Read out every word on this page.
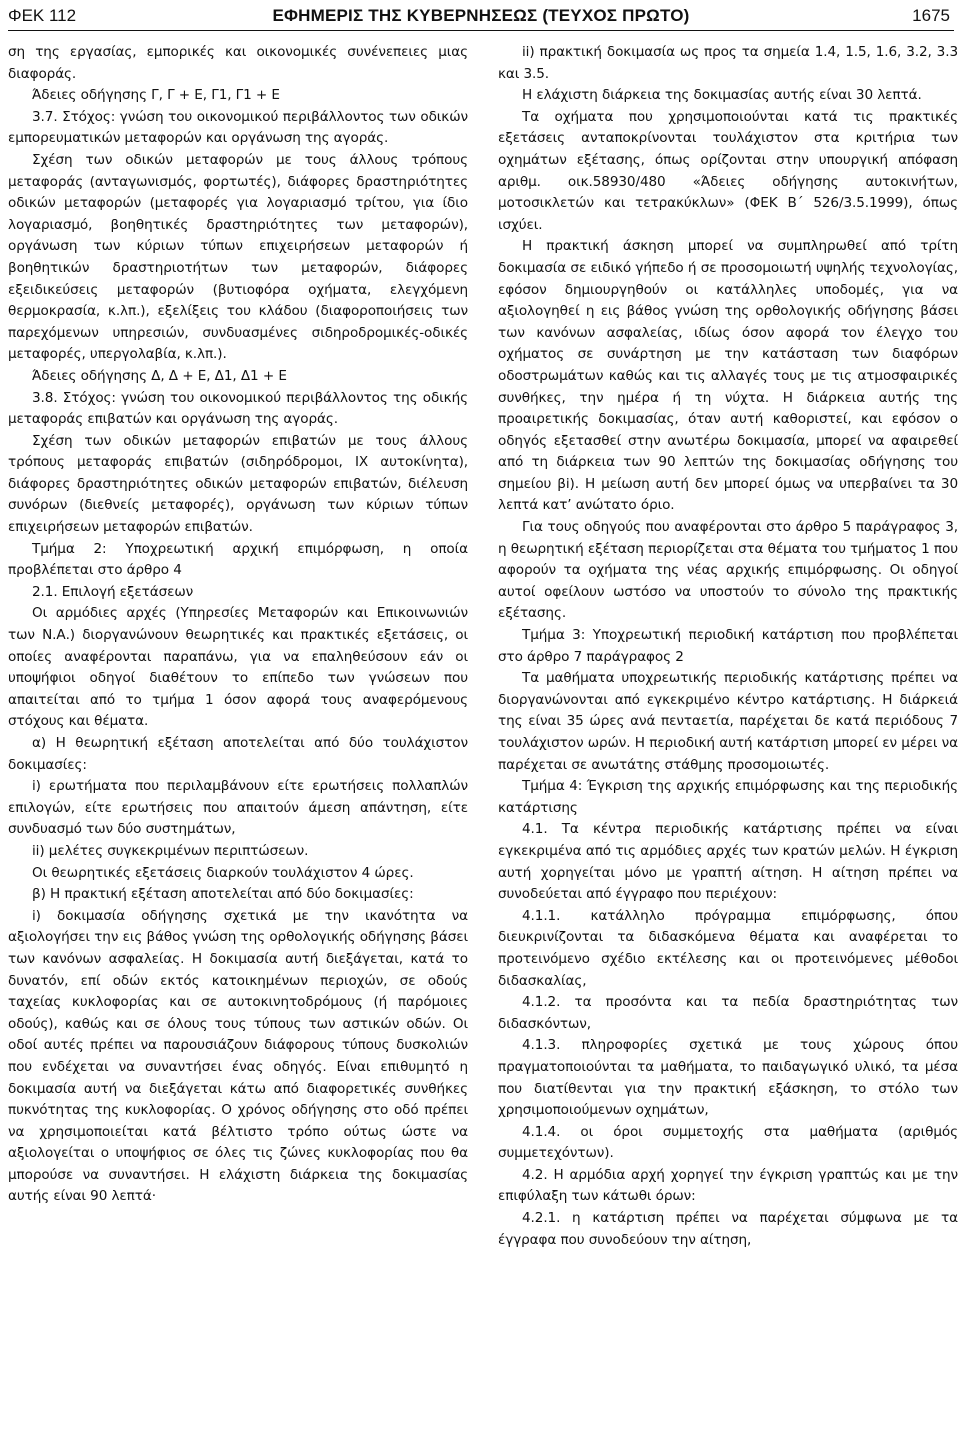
ΦΕΚ 112	ΕΦΗΜΕΡΙΣ ΤΗΣ ΚΥΒΕΡΝΗΣΕΩΣ (ΤΕΥΧΟΣ ΠΡΩΤΟ)	1675

ση της εργασίας, εμπορικές και οικονομικές συνένεπειες μιας διαφοράς.

Άδειες οδήγησης Γ, Γ + Ε, Γ1, Γ1 + Ε

3.7. Στόχος: γνώση του οικονομικού περιβάλλοντος των οδικών εμπορευματικών μεταφορών και οργάνωση της αγοράς.

Σχέση των οδικών μεταφορών με τους άλλους τρόπους μεταφοράς (ανταγωνισμός, φορτωτές), διάφορες δραστηριότητες οδικών μεταφορών (μεταφορές για λογαριασμό τρίτου, για ίδιο λογαριασμό, βοηθητικές δραστηριότητες των μεταφορών), οργάνωση των κύριων τύπων επιχειρήσεων μεταφορών ή βοηθητικών δραστηριοτήτων των μεταφορών, διάφορες εξειδικεύσεις μεταφορών (βυτιοφόρα οχήματα, ελεγχόμενη θερμοκρασία, κ.λπ.), εξελίξεις του κλάδου (διαφοροποιήσεις των παρεχόμενων υπηρεσιών, συνδυασμένες σιδηροδρομικές-οδικές μεταφορές, υπεργολαβία, κ.λπ.).

Άδειες οδήγησης Δ, Δ + Ε, Δ1, Δ1 + Ε

3.8. Στόχος: γνώση του οικονομικού περιβάλλοντος της οδικής μεταφοράς επιβατών και οργάνωση της αγοράς.

Σχέση των οδικών μεταφορών επιβατών με τους άλλους τρόπους μεταφοράς επιβατών (σιδηρόδρομοι, ΙΧ αυτοκίνητα), διάφορες δραστηριότητες οδικών μεταφορών επιβατών, διέλευση συνόρων (διεθνείς μεταφορές), οργάνωση των κύριων τύπων επιχειρήσεων μεταφορών επιβατών.

Τμήμα 2: Υποχρεωτική αρχική επιμόρφωση, η οποία προβλέπεται στο άρθρο 4

2.1. Επιλογή εξετάσεων

Οι αρμόδιες αρχές (Υπηρεσίες Μεταφορών και Επικοινωνιών των Ν.Α.) διοργανώνουν θεωρητικές και πρακτικές εξετάσεις, οι οποίες αναφέρονται παραπάνω, για να επαληθεύσουν εάν οι υποψήφιοι οδηγοί διαθέτουν το επίπεδο των γνώσεων που απαιτείται από το τμήμα 1 όσον αφορά τους αναφερόμενους στόχους και θέματα.

α) Η θεωρητική εξέταση αποτελείται από δύο τουλάχιστον δοκιμασίες:

i) ερωτήματα που περιλαμβάνουν είτε ερωτήσεις πολλαπλών επιλογών, είτε ερωτήσεις που απαιτούν άμεση απάντηση, είτε συνδυασμό των δύο συστημάτων,

ii) μελέτες συγκεκριμένων περιπτώσεων.

Οι θεωρητικές εξετάσεις διαρκούν τουλάχιστον 4 ώρες.

β) Η πρακτική εξέταση αποτελείται από δύο δοκιμασίες:

i) δοκιμασία οδήγησης σχετικά με την ικανότητα να αξιολογήσει την εις βάθος γνώση της ορθολογικής οδήγησης βάσει των κανόνων ασφαλείας. Η δοκιμασία αυτή διεξάγεται, κατά το δυνατόν, επί οδών εκτός κατοικημένων περιοχών, σε οδούς ταχείας κυκλοφορίας και σε αυτοκινητοδρόμους (ή παρόμοιες οδούς), καθώς και σε όλους τους τύπους των αστικών οδών. Οι οδοί αυτές πρέπει να παρουσιάζουν διάφορους τύπους δυσκολιών που ενδέχεται να συναντήσει ένας οδηγός. Είναι επιθυμητό η δοκιμασία αυτή να διεξάγεται κάτω από διαφορετικές συνθήκες πυκνότητας της κυκλοφορίας. Ο χρόνος οδήγησης στο οδό πρέπει να χρησιμοποιείται κατά βέλτιστο τρόπο ούτως ώστε να αξιολογείται ο υποψήφιος σε όλες τις ζώνες κυκλοφορίας που θα μπορούσε να συναντήσει. Η ελάχιστη διάρκεια της δοκιμασίας αυτής είναι 90 λεπτά·

ii) πρακτική δοκιμασία ως προς τα σημεία 1.4, 1.5, 1.6, 3.2, 3.3 και 3.5.

Η ελάχιστη διάρκεια της δοκιμασίας αυτής είναι 30 λεπτά.

Τα οχήματα που χρησιμοποιούνται κατά τις πρακτικές εξετάσεις ανταποκρίνονται τουλάχιστον στα κριτήρια των οχημάτων εξέτασης, όπως ορίζονται στην υπουργική απόφαση αριθμ. οικ.58930/480 «Άδειες οδήγησης αυτοκινήτων, μοτοσικλετών και τετρακύκλων» (ΦΕΚ Β΄ 526/3.5.1999), όπως ισχύει.

Η πρακτική άσκηση μπορεί να συμπληρωθεί από τρίτη δοκιμασία σε ειδικό γήπεδο ή σε προσομοιωτή υψηλής τεχνολογίας, εφόσον δημιουργηθούν οι κατάλληλες υποδομές, για να αξιολογηθεί η εις βάθος γνώση της ορθολογικής οδήγησης βάσει των κανόνων ασφαλείας, ιδίως όσον αφορά τον έλεγχο του οχήματος σε συνάρτηση με την κατάσταση των διαφόρων οδοστρωμάτων καθώς και τις αλλαγές τους με τις ατμοσφαιρικές συνθήκες, την ημέρα ή τη νύχτα. Η διάρκεια αυτής της προαιρετικής δοκιμασίας, όταν αυτή καθοριστεί, και εφόσον ο οδηγός εξετασθεί στην ανωτέρω δοκιμασία, μπορεί να αφαιρεθεί από τη διάρκεια των 90 λεπτών της δοκιμασίας οδήγησης του σημείου βi). Η μείωση αυτή δεν μπορεί όμως να υπερβαίνει τα 30 λεπτά κατ’ ανώτατο όριο.

Για τους οδηγούς που αναφέρονται στο άρθρο 5 παράγραφος 3, η θεωρητική εξέταση περιορίζεται στα θέματα του τμήματος 1 που αφορούν τα οχήματα της νέας αρχικής επιμόρφωσης. Οι οδηγοί αυτοί οφείλουν ωστόσο να υποστούν το σύνολο της πρακτικής εξέτασης.

Τμήμα 3: Υποχρεωτική περιοδική κατάρτιση που προβλέπεται στο άρθρο 7 παράγραφος 2

Τα μαθήματα υποχρεωτικής περιοδικής κατάρτισης πρέπει να διοργανώνονται από εγκεκριμένο κέντρο κατάρτισης. Η διάρκειά της είναι 35 ώρες ανά πενταετία, παρέχεται δε κατά περιόδους 7 τουλάχιστον ωρών. Η περιοδική αυτή κατάρτιση μπορεί εν μέρει να παρέχεται σε ανωτάτης στάθμης προσομοιωτές.

Τμήμα 4: Έγκριση της αρχικής επιμόρφωσης και της περιοδικής κατάρτισης

4.1. Τα κέντρα περιοδικής κατάρτισης πρέπει να είναι εγκεκριμένα από τις αρμόδιες αρχές των κρατών μελών. Η έγκριση αυτή χορηγείται μόνο με γραπτή αίτηση. Η αίτηση πρέπει να συνοδεύεται από έγγραφο που περιέχουν:

4.1.1. κατάλληλο πρόγραμμα επιμόρφωσης, όπου διευκρινίζονται τα διδασκόμενα θέματα και αναφέρεται το προτεινόμενο σχέδιο εκτέλεσης και οι προτεινόμενες μέθοδοι διδασκαλίας,

4.1.2. τα προσόντα και τα πεδία δραστηριότητας των διδασκόντων,

4.1.3. πληροφορίες σχετικά με τους χώρους όπου πραγματοποιούνται τα μαθήματα, το παιδαγωγικό υλικό, τα μέσα που διατίθενται για την πρακτική εξάσκηση, το στόλο των χρησιμοποιούμενων οχημάτων,

4.1.4. οι όροι συμμετοχής στα μαθήματα (αριθμός συμμετεχόντων).

4.2. Η αρμόδια αρχή χορηγεί την έγκριση γραπτώς και με την επιφύλαξη των κάτωθι όρων:

4.2.1. η κατάρτιση πρέπει να παρέχεται σύμφωνα με τα έγγραφα που συνοδεύουν την αίτηση,
